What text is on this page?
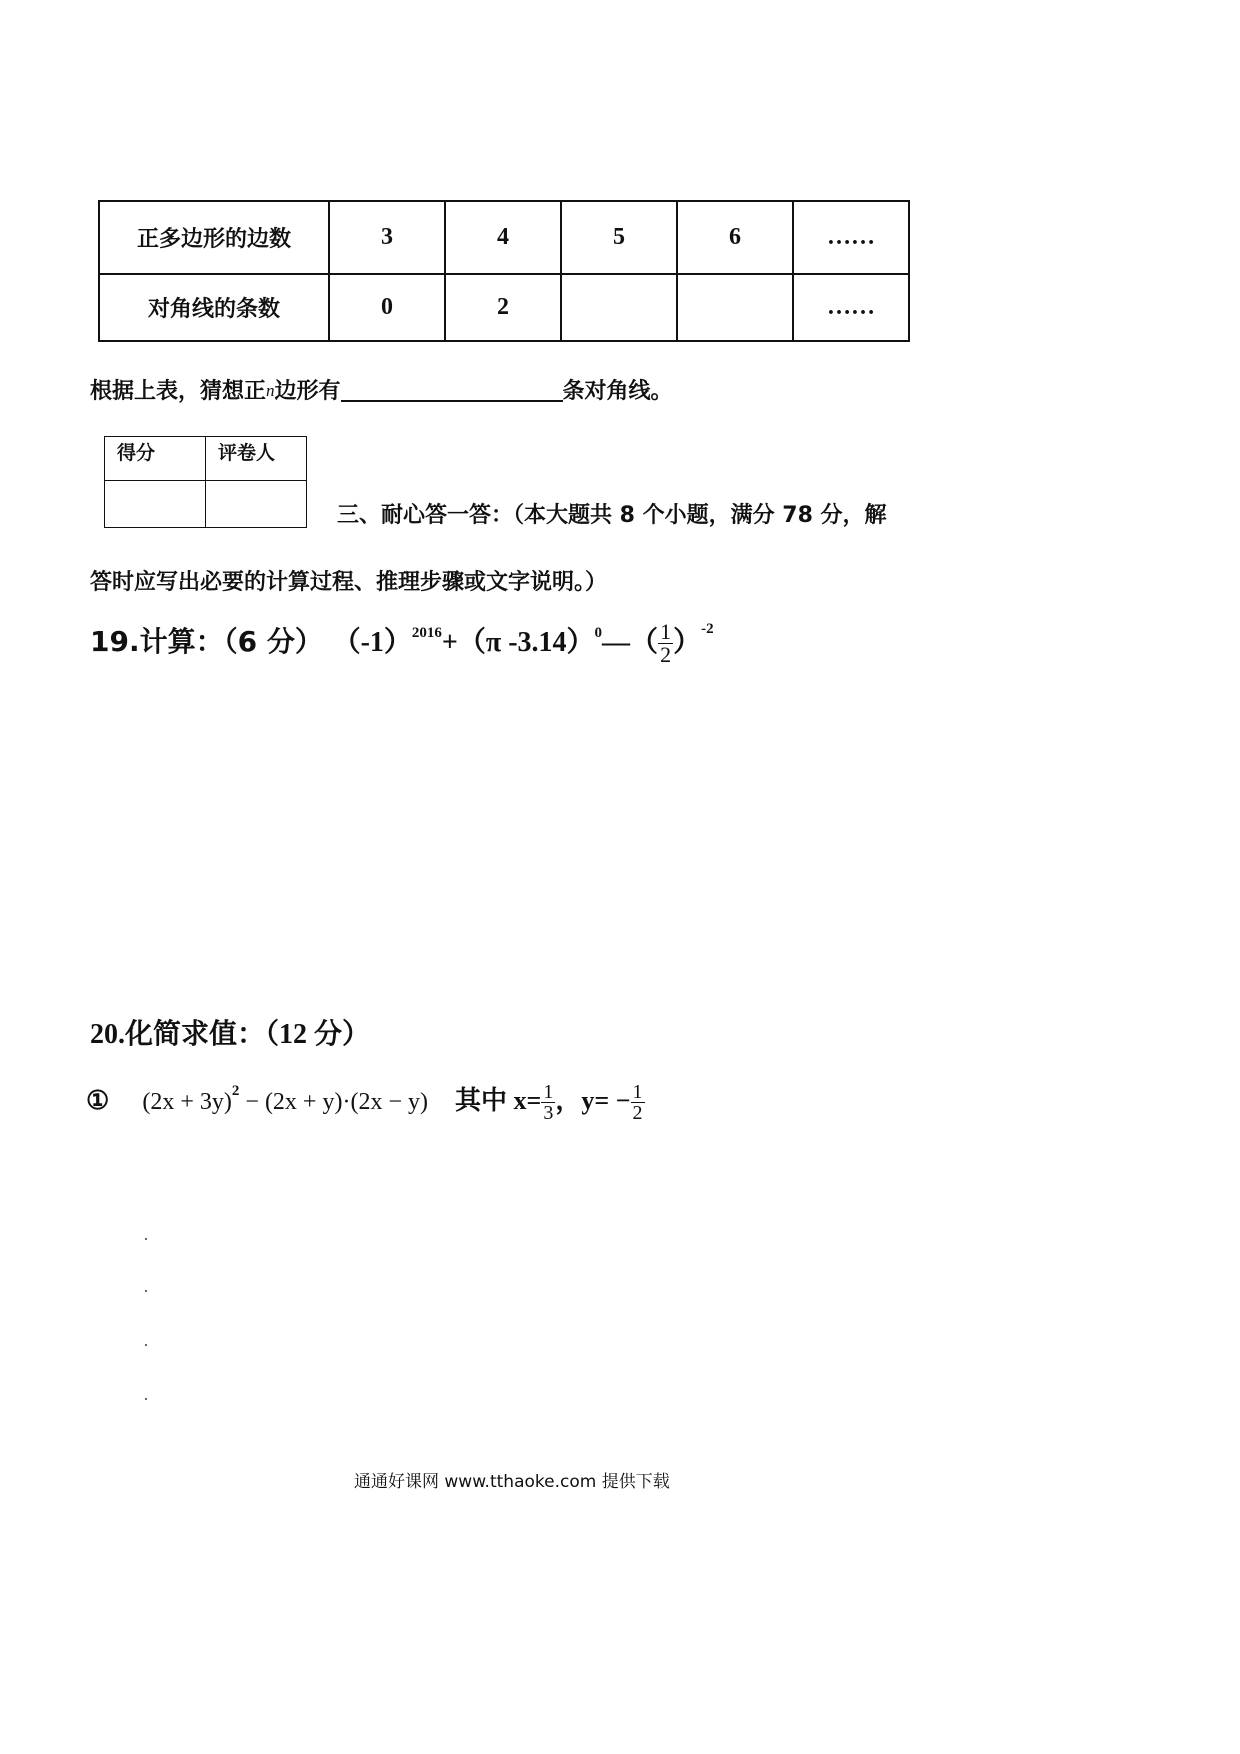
正多边形的边数	3	4	5	6	……
对角线的条数	0	2			……
根据上表，猜想正n边形有	条对角线。
得分	评卷人

三、耐心答一答：（本大题共 8 个小题，满分 78 分，解
答时应写出必要的计算过程、推理步骤或文字说明。）
19.计算：（6 分） $(-1)^{2016}+(\pi$ -3.14）$^0$—（ $\frac{1}{2} )^{-2}$
20.化简求值：（12 分）
① $(2x + 3y)^2 - (2x + y)\cdot(2x - y)$ 其中 $x= \frac{1}{3}$ ，$y= - \frac{1}{2}$
通通好课网 www.tthaoke.com 提供下载
